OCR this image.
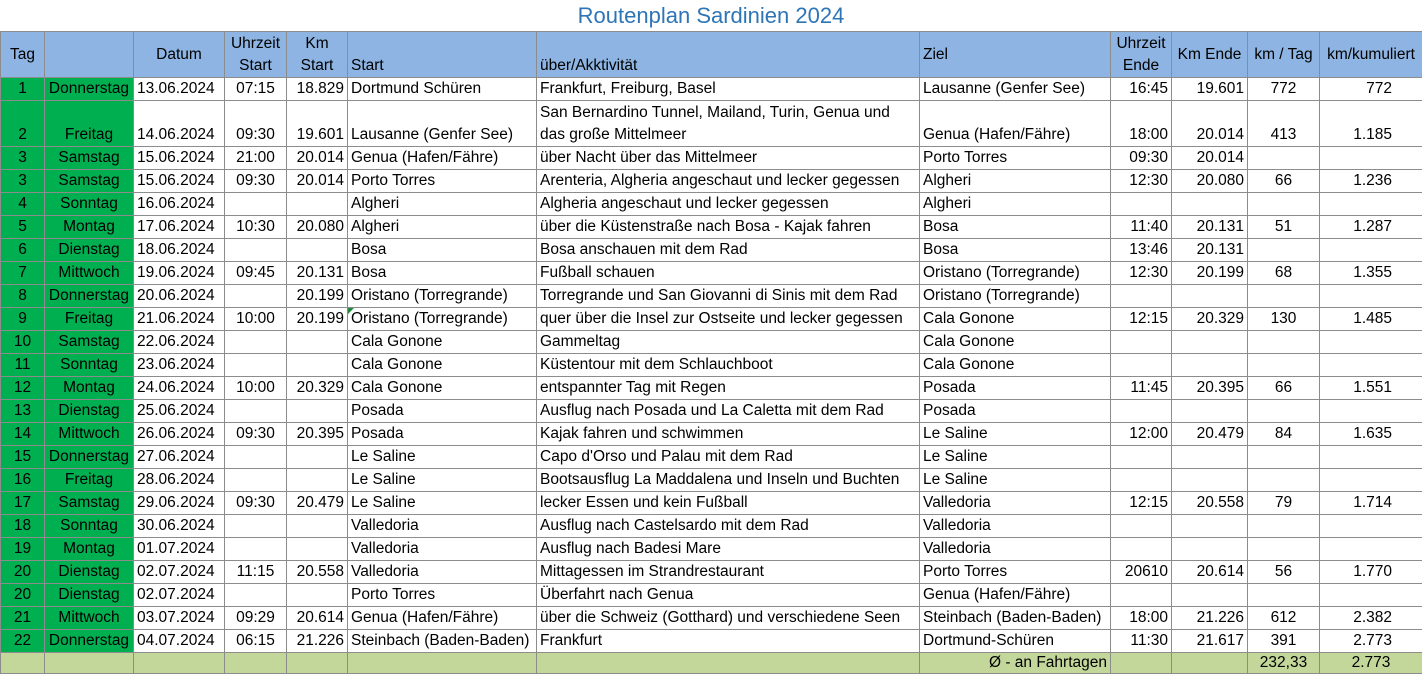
Routenplan Sardinien 2024
Tag		Datum	Uhrzeit Start	Km Start	Start	über/Akktivität	Ziel	Uhrzeit Ende	Km Ende	km / Tag	km/kumuliert
1	Donnerstag	13.06.2024	07:15	18.829	Dortmund Schüren	Frankfurt, Freiburg, Basel	Lausanne (Genfer See)	16:45	19.601	772	772
2	Freitag	14.06.2024	09:30	19.601	Lausanne (Genfer See)	San Bernardino Tunnel, Mailand, Turin, Genua und das große Mittelmeer	Genua (Hafen/Fähre)	18:00	20.014	413	1.185
3	Samstag	15.06.2024	21:00	20.014	Genua (Hafen/Fähre)	über Nacht über das Mittelmeer	Porto Torres	09:30	20.014		
3	Samstag	15.06.2024	09:30	20.014	Porto Torres	Arenteria, Algheria angeschaut und lecker gegessen	Algheri	12:30	20.080	66	1.236
4	Sonntag	16.06.2024			Algheri	Algheria angeschaut und lecker gegessen	Algheri				
5	Montag	17.06.2024	10:30	20.080	Algheri	über die Küstenstraße nach Bosa - Kajak fahren	Bosa	11:40	20.131	51	1.287
6	Dienstag	18.06.2024			Bosa	Bosa anschauen mit dem Rad	Bosa	13:46	20.131		
7	Mittwoch	19.06.2024	09:45	20.131	Bosa	Fußball schauen	Oristano (Torregrande)	12:30	20.199	68	1.355
8	Donnerstag	20.06.2024		20.199	Oristano (Torregrande)	Torregrande und San Giovanni di Sinis mit dem Rad	Oristano (Torregrande)				
9	Freitag	21.06.2024	10:00	20.199	Oristano (Torregrande)	quer über die Insel zur Ostseite und lecker gegessen	Cala Gonone	12:15	20.329	130	1.485
10	Samstag	22.06.2024			Cala Gonone	Gammeltag	Cala Gonone				
11	Sonntag	23.06.2024			Cala Gonone	Küstentour mit dem Schlauchboot	Cala Gonone				
12	Montag	24.06.2024	10:00	20.329	Cala Gonone	entspannter Tag mit Regen	Posada	11:45	20.395	66	1.551
13	Dienstag	25.06.2024			Posada	Ausflug nach Posada und La Caletta mit dem Rad	Posada				
14	Mittwoch	26.06.2024	09:30	20.395	Posada	Kajak fahren und schwimmen	Le Saline	12:00	20.479	84	1.635
15	Donnerstag	27.06.2024			Le Saline	Capo d'Orso und Palau mit dem Rad	Le Saline				
16	Freitag	28.06.2024			Le Saline	Bootsausflug La Maddalena und Inseln und Buchten	Le Saline				
17	Samstag	29.06.2024	09:30	20.479	Le Saline	lecker Essen und kein Fußball	Valledoria	12:15	20.558	79	1.714
18	Sonntag	30.06.2024			Valledoria	Ausflug nach Castelsardo mit dem Rad	Valledoria				
19	Montag	01.07.2024			Valledoria	Ausflug nach Badesi Mare	Valledoria				
20	Dienstag	02.07.2024	11:15	20.558	Valledoria	Mittagessen im Strandrestaurant	Porto Torres	20610	20.614	56	1.770
20	Dienstag	02.07.2024			Porto Torres	Überfahrt nach Genua	Genua (Hafen/Fähre)				
21	Mittwoch	03.07.2024	09:29	20.614	Genua (Hafen/Fähre)	über die Schweiz (Gotthard) und verschiedene Seen	Steinbach (Baden-Baden)	18:00	21.226	612	2.382
22	Donnerstag	04.07.2024	06:15	21.226	Steinbach (Baden-Baden)	Frankfurt	Dortmund-Schüren	11:30	21.617	391	2.773
							Ø - an Fahrtagen			232,33	2.773
